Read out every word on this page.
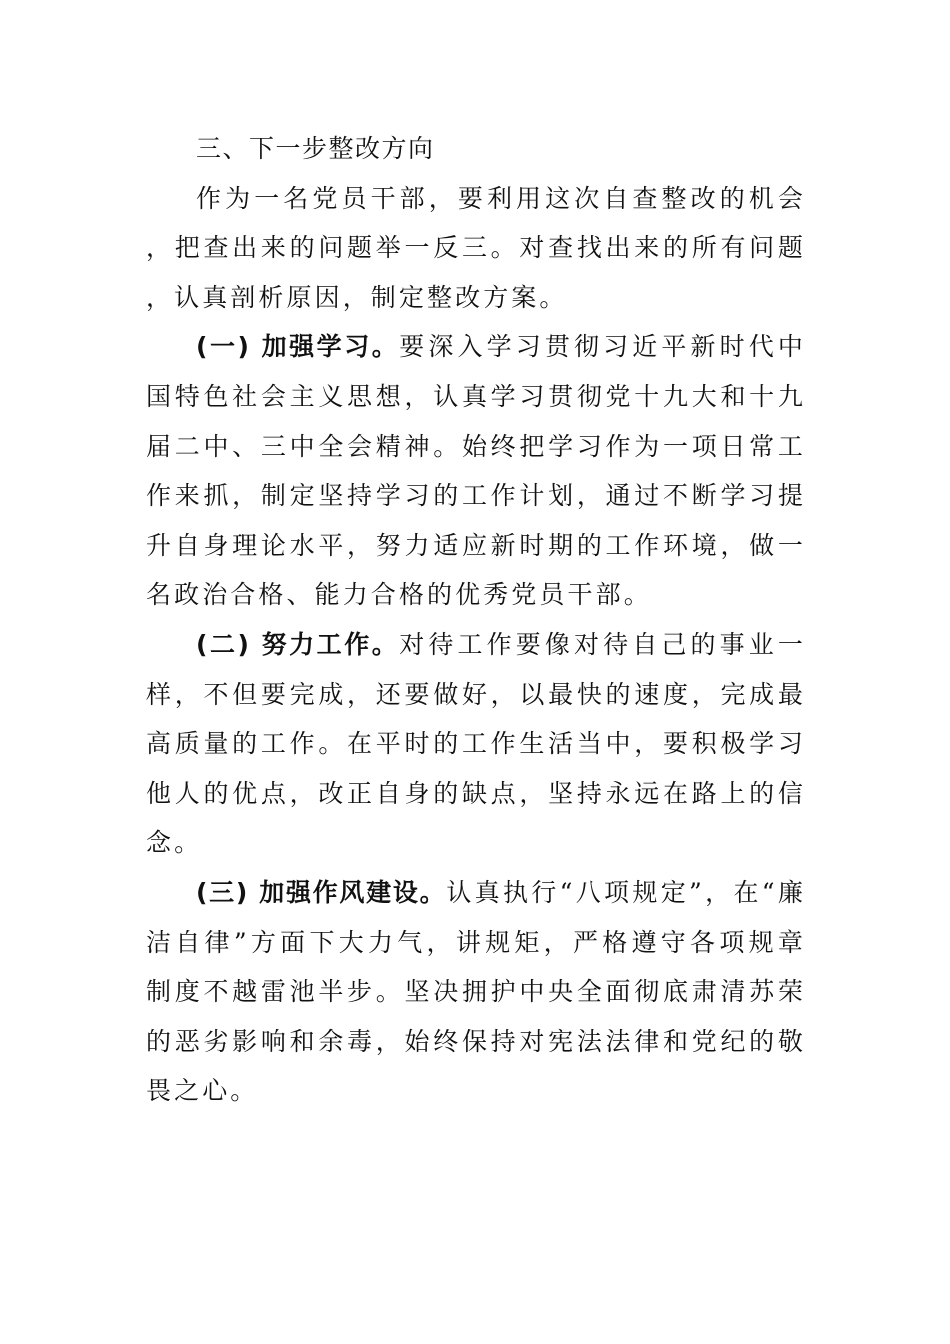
三、下一步整改方向

作为一名党员干部，要利用这次自查整改的机会，把查出来的问题举一反三。对查找出来的所有问题，认真剖析原因，制定整改方案。

(一) 加强学习。要深入学习贯彻习近平新时代中国特色社会主义思想，认真学习贯彻党十九大和十九届二中、三中全会精神。始终把学习作为一项日常工作来抓，制定坚持学习的工作计划，通过不断学习提升自身理论水平，努力适应新时期的工作环境，做一名政治合格、能力合格的优秀党员干部。

(二) 努力工作。对待工作要像对待自己的事业一样，不但要完成，还要做好，以最快的速度，完成最高质量的工作。在平时的工作生活当中，要积极学习他人的优点，改正自身的缺点，坚持永远在路上的信念。

(三) 加强作风建设。认真执行“八项规定”，在“廉洁自律”方面下大力气，讲规矩，严格遵守各项规章制度不越雷池半步。坚决拥护中央全面彻底肃清苏荣的恶劣影响和余毒，始终保持对宪法法律和党纪的敬畏之心。
